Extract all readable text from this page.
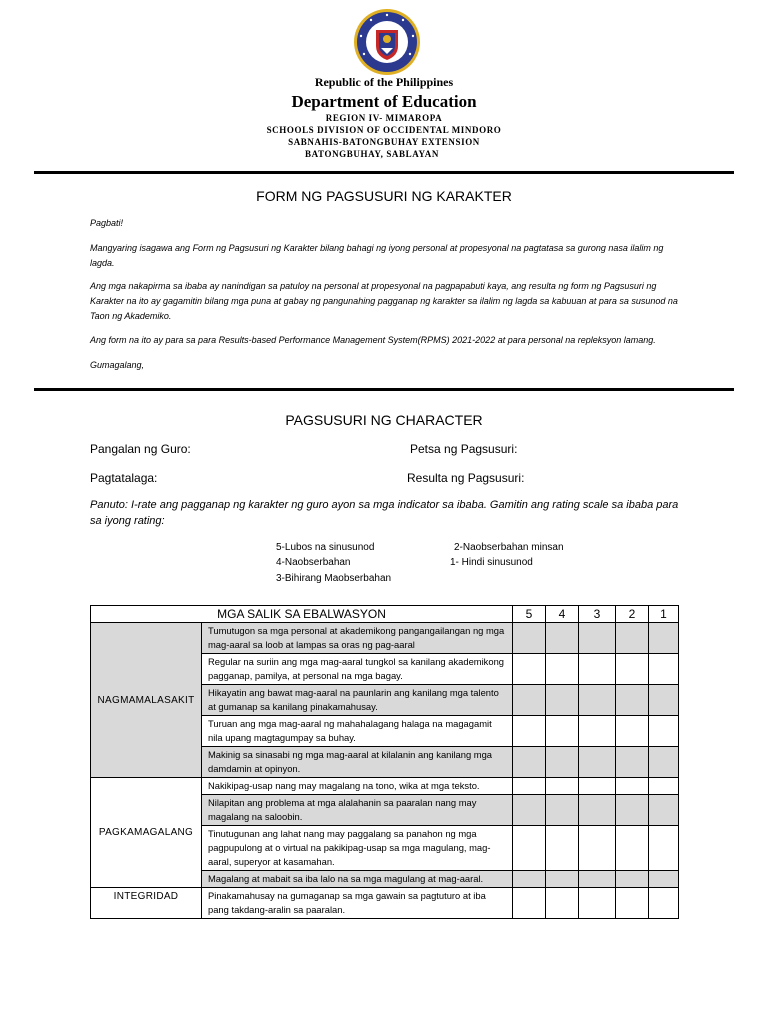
Republic of the Philippines
Department of Education
REGION IV- MIMAROPA
SCHOOLS DIVISION OF OCCIDENTAL MINDORO
SABNAHIS-BATONGBUHAY EXTENSION
BATONGBUHAY, SABLAYAN
FORM NG PAGSUSURI NG KARAKTER
Pagbati!
Mangyaring isagawa ang Form ng Pagsusuri ng Karakter bilang bahagi ng iyong personal at propesyonal na pagtatasa sa gurong nasa ilalim ng lagda.
Ang mga nakapirma sa ibaba ay nanindigan sa patuloy na personal at propesyonal na pagpapabuti kaya, ang resulta ng form ng Pagsusuri ng Karakter na ito ay gagamitin bilang mga puna at gabay ng pangunahing pagganap ng karakter sa ilalim ng lagda sa kabuuan at para sa susunod na Taon ng Akademiko.
Ang form na ito ay para sa para Results-based Performance Management System(RPMS) 2021-2022 at para personal na repleksyon lamang.
Gumagalang,
PAGSUSURI NG CHARACTER
Pangalan ng Guro:	Petsa ng Pagsusuri:
Pagtatalaga:	Resulta ng Pagsusuri:
Panuto: I-rate ang pagganap ng karakter ng guro ayon sa mga indicator sa ibaba. Gamitin ang rating scale sa ibaba para sa iyong rating:
5-Lubos na sinusunod
4-Naobserbahan
3-Bihirang Maobserbahan
2-Naobserbahan minsan
1- Hindi sinusunod
MGA SALIK SA EBALWASYON		5	4	3	2	1
NAGMAMALASAKIT	Tumutugon sa mga personal at akademikong pangangailangan ng mga mag-aaral sa loob at lampas sa oras ng pag-aaral					
	Regular na suriin ang mga mag-aaral tungkol sa kanilang akademikong pagganap, pamilya, at personal na mga bagay.					
	Hikayatin ang bawat mag-aaral na paunlarin ang kanilang mga talento at gumanap sa kanilang pinakamahusay.					
	Turuan ang mga mag-aaral ng mahahalagang halaga na magagamit nila upang magtagumpay sa buhay.					
	Makinig sa sinasabi ng mga mag-aaral at kilalanin ang kanilang mga damdamin at opinyon.					
PAGKAMAGALANG	Nakikipag-usap nang may magalang na tono, wika at mga teksto.					
	Nilapitan ang problema at mga alalahanin sa paaralan nang may magalang na saloobin.					
	Tinutugunan ang lahat nang may paggalang sa panahon ng mga pagpupulong at o virtual na pakikipag-usap sa mga magulang, mag-aaral, superyor at kasamahan.					
	Magalang at mabait sa iba lalo na sa mga magulang at mag-aaral.					
INTEGRIDAD	Pinakamahusay na gumaganap sa mga gawain sa pagtuturo at iba pang takdang-aralin sa paaralan.					
